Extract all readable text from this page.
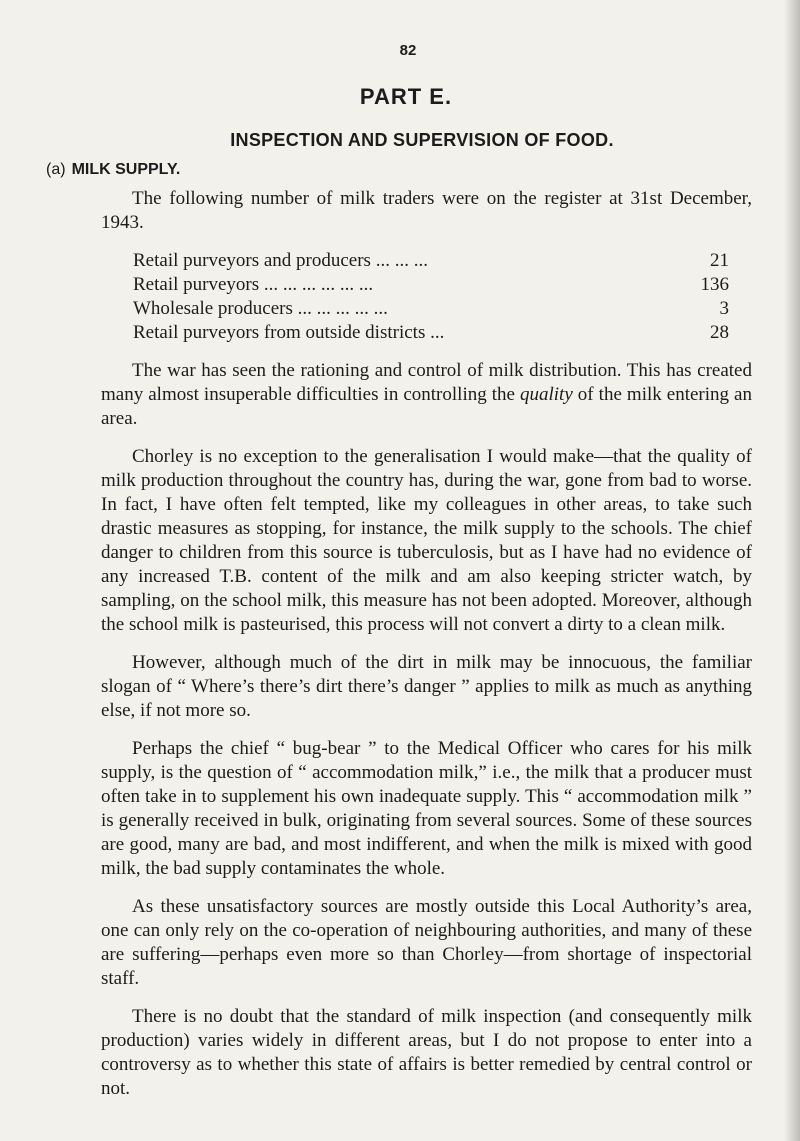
82
PART E.
INSPECTION AND SUPERVISION OF FOOD.
(a) MILK SUPPLY.

The following number of milk traders were on the register at 31st December, 1943.

Retail purveyors and producers ... ... ...	21
Retail purveyors ... ... ... ... ... ...	136
Wholesale producers ... ... ... ... ...	3
Retail purveyors from outside districts ...	28

The war has seen the rationing and control of milk distribution. This has created many almost insuperable difficulties in controlling the quality of the milk entering an area.

Chorley is no exception to the generalisation I would make—that the quality of milk production throughout the country has, during the war, gone from bad to worse. In fact, I have often felt tempted, like my colleagues in other areas, to take such drastic measures as stopping, for instance, the milk supply to the schools. The chief danger to children from this source is tuberculosis, but as I have had no evidence of any increased T.B. content of the milk and am also keeping stricter watch, by sampling, on the school milk, this measure has not been adopted. Moreover, although the school milk is pasteurised, this process will not convert a dirty to a clean milk.

However, although much of the dirt in milk may be innocuous, the familiar slogan of “ Where’s there’s dirt there’s danger ” applies to milk as much as anything else, if not more so.

Perhaps the chief “ bug-bear ” to the Medical Officer who cares for his milk supply, is the question of “ accommodation milk,” i.e., the milk that a producer must often take in to supplement his own inadequate supply. This “ accommodation milk ” is generally received in bulk, originating from several sources. Some of these sources are good, many are bad, and most indifferent, and when the milk is mixed with good milk, the bad supply contaminates the whole.

As these unsatisfactory sources are mostly outside this Local Authority’s area, one can only rely on the co-operation of neighbouring authorities, and many of these are suffering—perhaps even more so than Chorley—from shortage of inspectorial staff.

There is no doubt that the standard of milk inspection (and consequently milk production) varies widely in different areas, but I do not propose to enter into a controversy as to whether this state of affairs is better remedied by central control or not.
